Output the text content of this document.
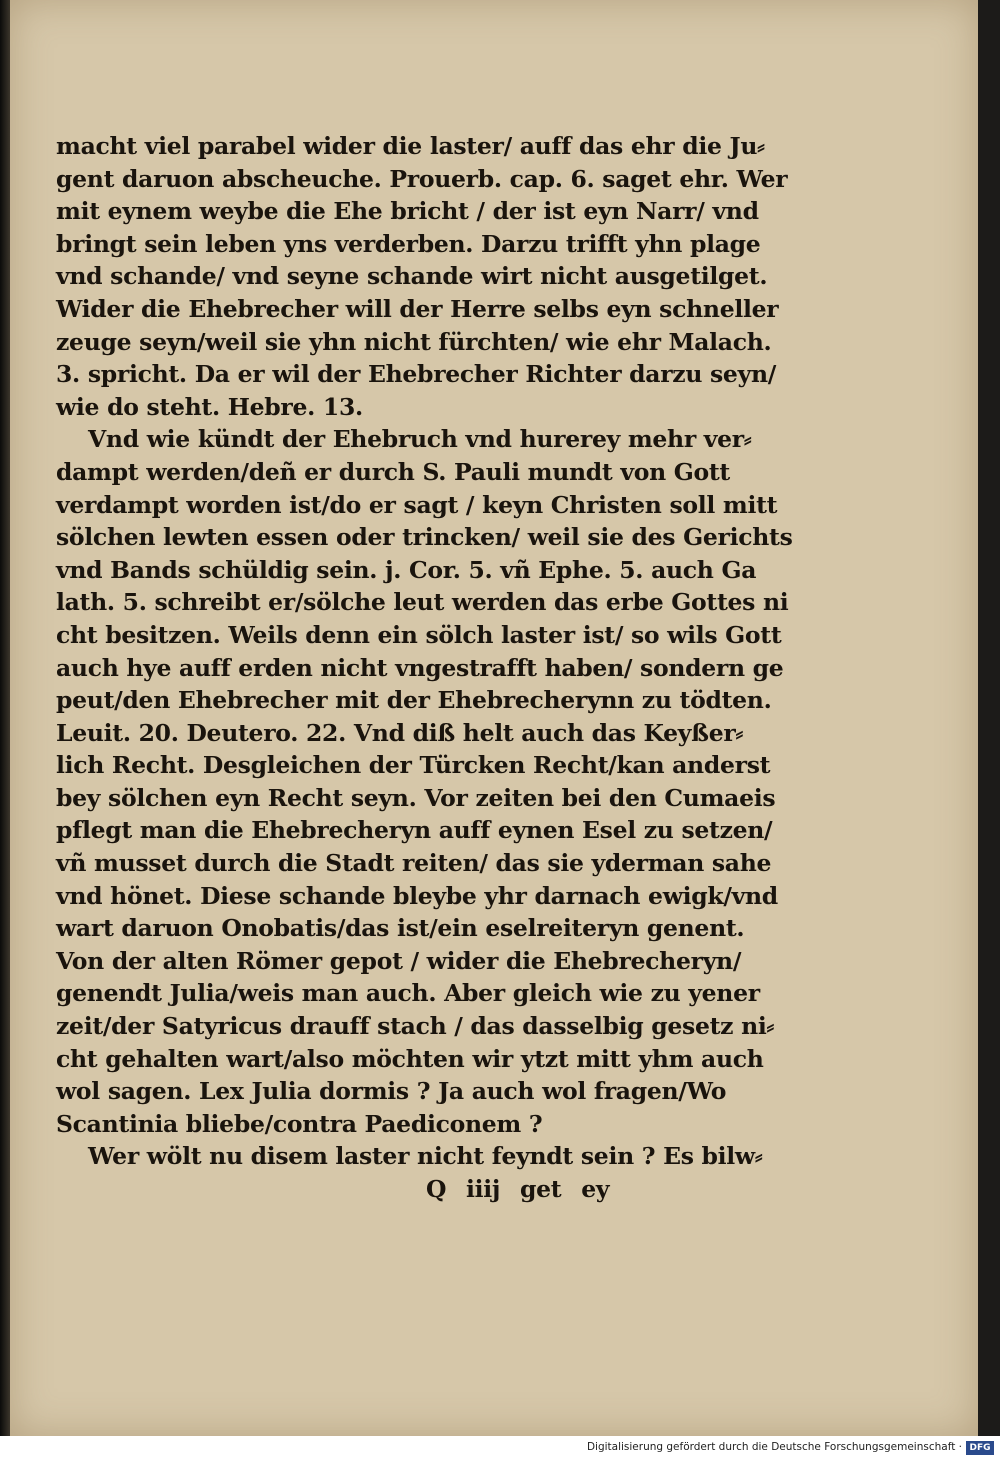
macht viel parabel wider die laster/ auff das ehr die Ju⸗
gent daruon abscheuche. Prouerb. cap. 6. saget ehr. Wer
mit eynem weybe die Ehe bricht / der ist eyn Narr/ vnd
bringt sein leben yns verderben. Darzu trifft yhn plage
vnd schande/ vnd seyne schande wirt nicht ausgetilget.
Wider die Ehebrecher will der Herre selbs eyn schneller
zeuge seyn/weil sie yhn nicht fürchten/ wie ehr Malach.
3. spricht. Da er wil der Ehebrecher Richter darzu seyn/
wie do steht. Hebre. 13.
Vnd wie kündt der Ehebruch vnd hurerey mehr ver⸗
dampt werden/deñ er durch S. Pauli mundt von Gott
verdampt worden ist/do er sagt / keyn Christen soll mitt
sölchen lewten essen oder trincken/ weil sie des Gerichts
vnd Bands schüldig sein. j. Cor. 5. vñ Ephe. 5. auch Ga
lath. 5. schreibt er/sölche leut werden das erbe Gottes ni
cht besitzen. Weils denn ein sölch laster ist/ so wils Gott
auch hye auff erden nicht vngestrafft haben/ sondern ge
peut/den Ehebrecher mit der Ehebrecherynn zu tödten.
Leuit. 20. Deutero. 22. Vnd diß helt auch das Keyßer⸗
lich Recht. Desgleichen der Türcken Recht/kan anderst
bey sölchen eyn Recht seyn. Vor zeiten bei den Cumaeis
pflegt man die Ehebrecheryn auff eynen Esel zu setzen/
vñ musset durch die Stadt reiten/ das sie yderman sahe
vnd hönet. Diese schande bleybe yhr darnach ewigk/vnd
wart daruon Onobatis/das ist/ein eselreiteryn genent.
Von der alten Römer gepot / wider die Ehebrecheryn/
genendt Julia/weis man auch. Aber gleich wie zu yener
zeit/der Satyricus drauff stach / das dasselbig gesetz ni⸗
cht gehalten wart/also möchten wir ytzt mitt yhm auch
wol sagen. Lex Julia dormis ? Ja auch wol fragen/Wo
Scantinia bliebe/contra Paediconem ?
Wer wölt nu disem laster nicht feyndt sein ? Es bilw⸗
Q iiij get ey
Digitalisierung gefördert durch die Deutsche Forschungsgemeinschaft · DFG
